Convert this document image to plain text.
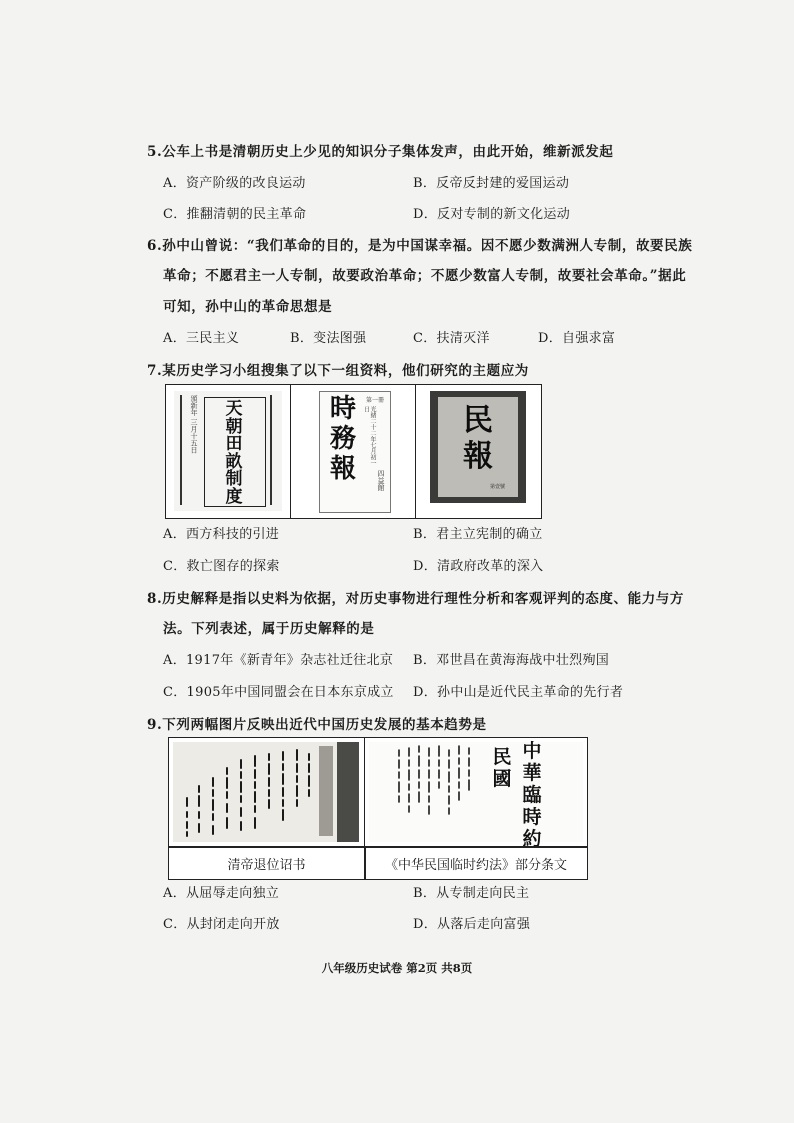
5.公车上书是清朝历史上少见的知识分子集体发声，由此开始，维新派发起
A．资产阶级的改良运动	B．反帝反封建的爱国运动
C．推翻清朝的民主革命	D．反对专制的新文化运动
6.孙中山曾说：“我们革命的目的，是为中国谋幸福。因不愿少数满洲人专制，故要民族
革命；不愿君主一人专制，故要政治革命；不愿少数富人专制，故要社会革命。”据此
可知，孙中山的革命思想是
A．三民主义	B．变法图强	C．扶清灭洋	D．自强求富
7.某历史学习小组搜集了以下一组资料，他们研究的主题应为
頒新年 三月十五日	天
朝
田
畝
制
度
時
務
報
第一冊
光緒二十二年七月初一日
四益館
民
報
第壹號
A．西方科技的引进	B．君主立宪制的确立
C．救亡图存的探索	D．清政府改革的深入
8.历史解释是指以史料为依据，对历史事物进行理性分析和客观评判的态度、能力与方
法。下列表述，属于历史解释的是
A．1917年《新青年》杂志社迁往北京 B．邓世昌在黄海海战中壮烈殉国
C．1905年中国同盟会在日本东京成立 D．孙中山是近代民主革命的先行者
9.下列两幅图片反映出近代中国历史发展的基本趋势是
民
國
中
華
臨
時
約
清帝退位诏书	《中华民国临时约法》部分条文
A．从屈辱走向独立	B．从专制走向民主
C．从封闭走向开放	D．从落后走向富强
八年级历史试卷 第2页 共8页
